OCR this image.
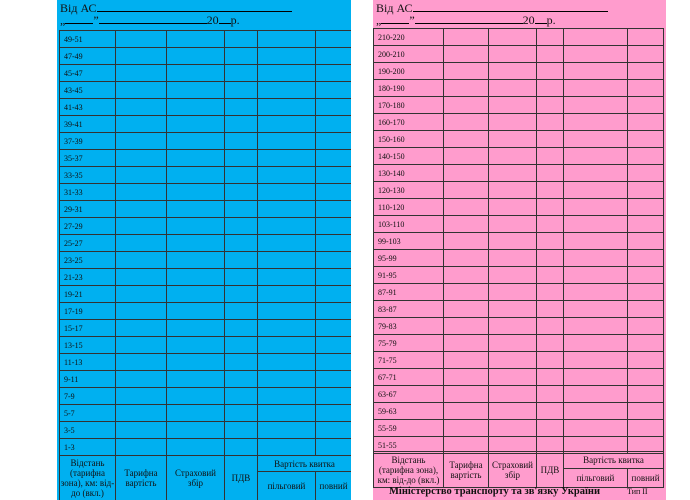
Від АС
„ ”	20 р.
49-51					
47-49					
45-47					
43-45					
41-43					
39-41					
37-39					
35-37					
33-35					
31-33					
29-31					
27-29					
25-27					
23-25					
21-23					
19-21					
17-19					
15-17					
13-15					
11-13					
9-11					
7-9					
5-7					
3-5					
1-3					
Відстань (тарифна зона), км: від-до (вкл.)	Тарифна вартість	Страховий збір	ПДВ	Вартість квитка	
				пільговий	повний
Від АС
„ ”	20 р.
210-220					
200-210					
190-200					
180-190					
170-180					
160-170					
150-160					
140-150					
130-140					
120-130					
110-120					
103-110					
99-103					
95-99					
91-95					
87-91					
83-87					
79-83					
75-79					
71-75					
67-71					
63-67					
59-63					
55-59					
51-55					
Відстань (тарифна зона), км: від-до (вкл.)	Тарифна вартість	Страховий збір	ПДВ	Вартість квитка	
				пільговий	повний
Міністерство транспорту та зв'язку України	Тип II
